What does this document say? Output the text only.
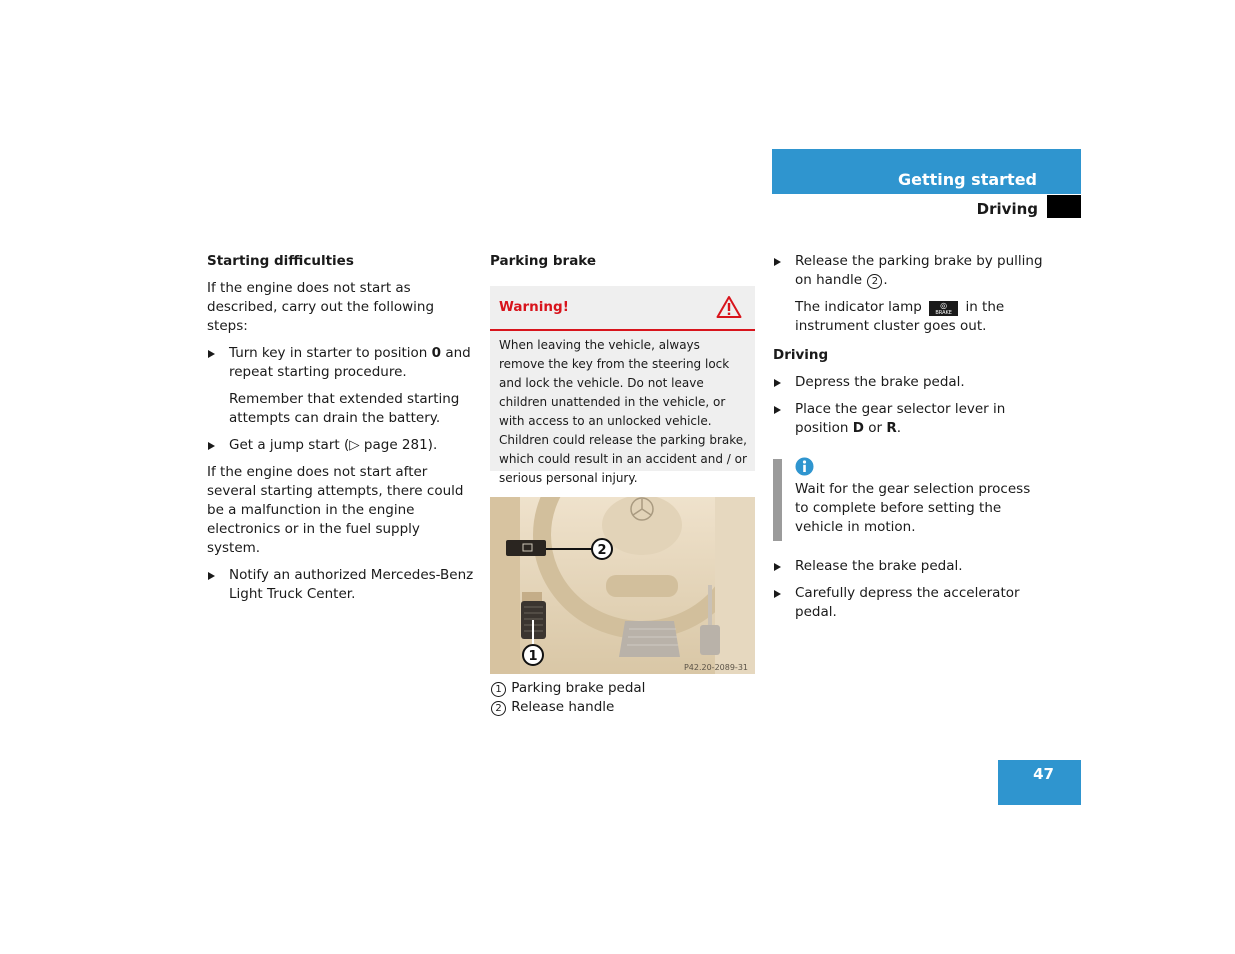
Getting started
Driving
Starting difficulties

If the engine does not start as described, carry out the following steps:

Turn key in starter to position 0 and repeat starting procedure.

Remember that extended starting attempts can drain the battery.

Get a jump start (▷ page 281).

If the engine does not start after several starting attempts, there could be a malfunction in the engine electronics or in the fuel supply system.

Notify an authorized Mercedes-Benz Light Truck Center.
Parking brake
Warning!
When leaving the vehicle, always remove the key from the steering lock and lock the vehicle. Do not leave children unattended in the vehicle, or with access to an unlocked vehicle. Children could release the parking brake, which could result in an accident and / or serious personal injury.
2
1
P42.20-2089-31
1 Parking brake pedal
2 Release handle
Release the parking brake by pulling on handle 2 .

The indicator lamp	◎
BRAKE in the instrument cluster goes out.

Driving
Depress the brake pedal.
Place the gear selector lever in position D or R.
Wait for the gear selection process to complete before setting the vehicle in motion.
Release the brake pedal.
Carefully depress the accelerator pedal.
47
